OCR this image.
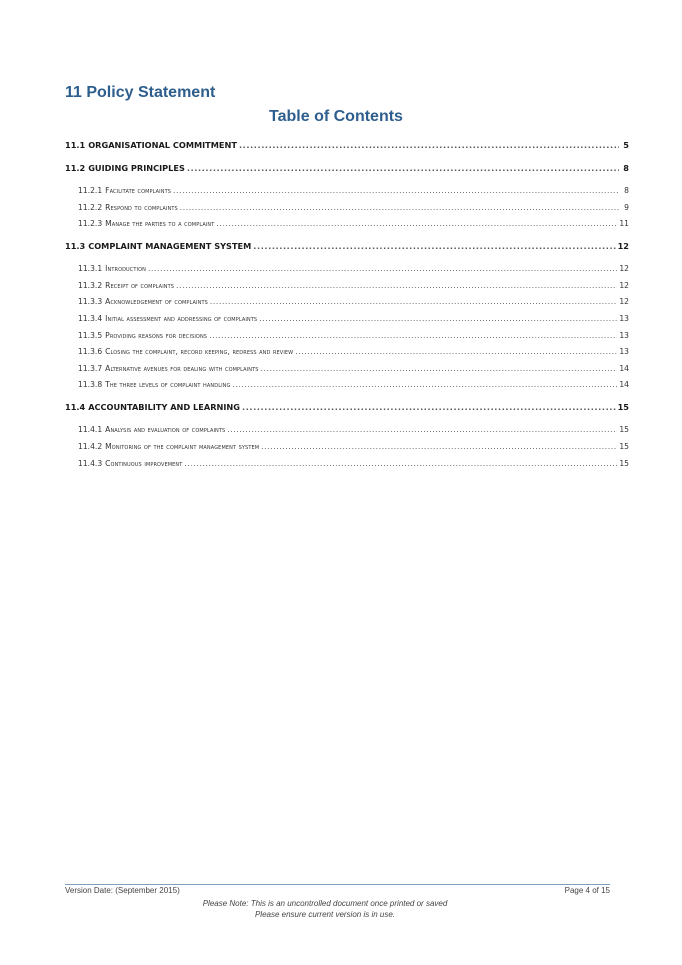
11 Policy Statement
Table of Contents
11.1 ORGANISATIONAL COMMITMENT .....	5
11.2 GUIDING PRINCIPLES .....	8
11.2.1 Facilitate complaints .....	8
11.2.2 Respond to complaints .....	9
11.2.3 Manage the parties to a complaint .....	11
11.3 COMPLAINT MANAGEMENT SYSTEM .....	12
11.3.1 Introduction .....	12
11.3.2 Receipt of complaints .....	12
11.3.3 Acknowledgement of complaints .....	12
11.3.4 Initial assessment and addressing of complaints .....	13
11.3.5 Providing reasons for decisions .....	13
11.3.6 Closing the complaint, record keeping, redress and review .....	13
11.3.7 Alternative avenues for dealing with complaints .....	14
11.3.8 The three levels of complaint handling .....	14
11.4 ACCOUNTABILITY AND LEARNING .....	15
11.4.1 Analysis and evaluation of complaints .....	15
11.4.2 Monitoring of the complaint management system .....	15
11.4.3 Continuous improvement .....	15
Version Date: (September 2015)	Page 4 of 15
Please Note: This is an uncontrolled document once printed or saved
Please ensure current version is in use.
